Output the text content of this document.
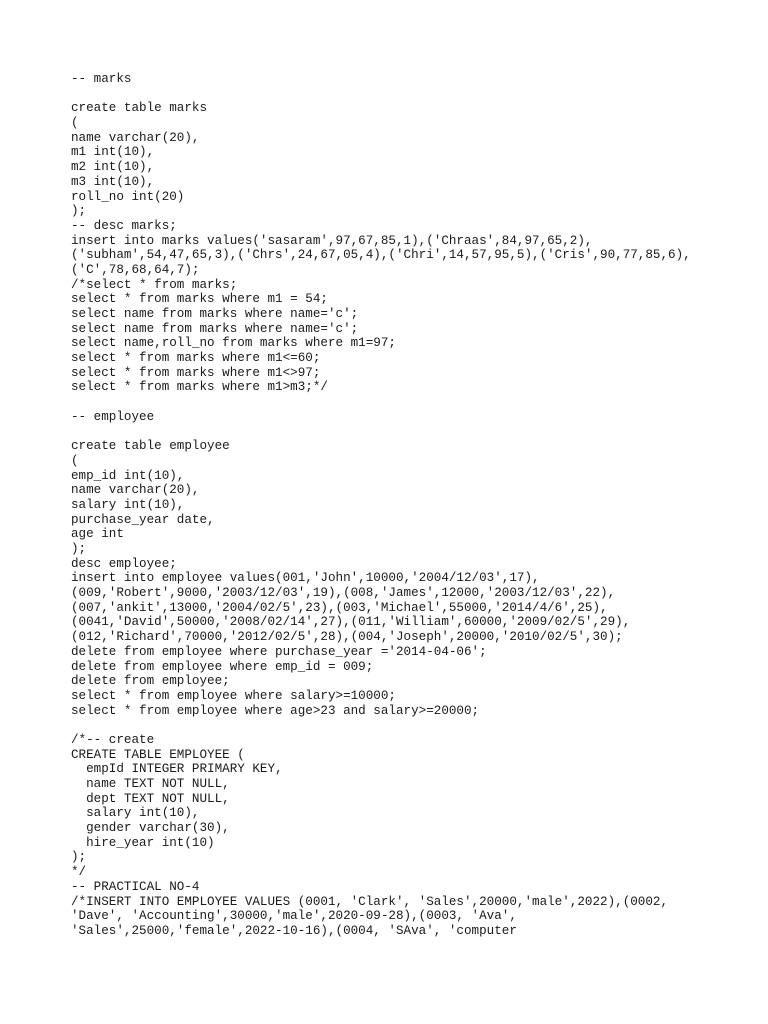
-- marks
create table marks
(
name varchar(20),
m1 int(10),
m2 int(10),
m3 int(10),
roll_no int(20)
);
-- desc marks;
insert into marks values('sasaram',97,67,85,1),('Chraas',84,97,65,2),
('subham',54,47,65,3),('Chrs',24,67,05,4),('Chri',14,57,95,5),('Cris',90,77,85,6),
('C',78,68,64,7);
/*select * from marks;
select * from marks where m1 = 54;
select name from marks where name='c';
select name from marks where name='c';
select name,roll_no from marks where m1=97;
select * from marks where m1<=60;
select * from marks where m1<>97;
select * from marks where m1>m3;*/
-- employee
create table employee
(
emp_id int(10),
name varchar(20),
salary int(10),
purchase_year date,
age int
);
desc employee;
insert into employee values(001,'John',10000,'2004/12/03',17),
(009,'Robert',9000,'2003/12/03',19),(008,'James',12000,'2003/12/03',22),
(007,'ankit',13000,'2004/02/5',23),(003,'Michael',55000,'2014/4/6',25),
(0041,'David',50000,'2008/02/14',27),(011,'William',60000,'2009/02/5',29),
(012,'Richard',70000,'2012/02/5',28),(004,'Joseph',20000,'2010/02/5',30);
delete from employee where purchase_year ='2014-04-06';
delete from employee where emp_id = 009;
delete from employee;
select * from employee where salary>=10000;
select * from employee where age>23 and salary>=20000;
/*-- create
CREATE TABLE EMPLOYEE (
empId INTEGER PRIMARY KEY,
name TEXT NOT NULL,
dept TEXT NOT NULL,
salary int(10),
gender varchar(30),
hire_year int(10)
);
*/
-- PRACTICAL NO-4
/*INSERT INTO EMPLOYEE VALUES (0001, 'Clark', 'Sales',20000,'male',2022),(0002,
'Dave', 'Accounting',30000,'male',2020-09-28),(0003, 'Ava',
'Sales',25000,'female',2022-10-16),(0004, 'SAva', 'computer
